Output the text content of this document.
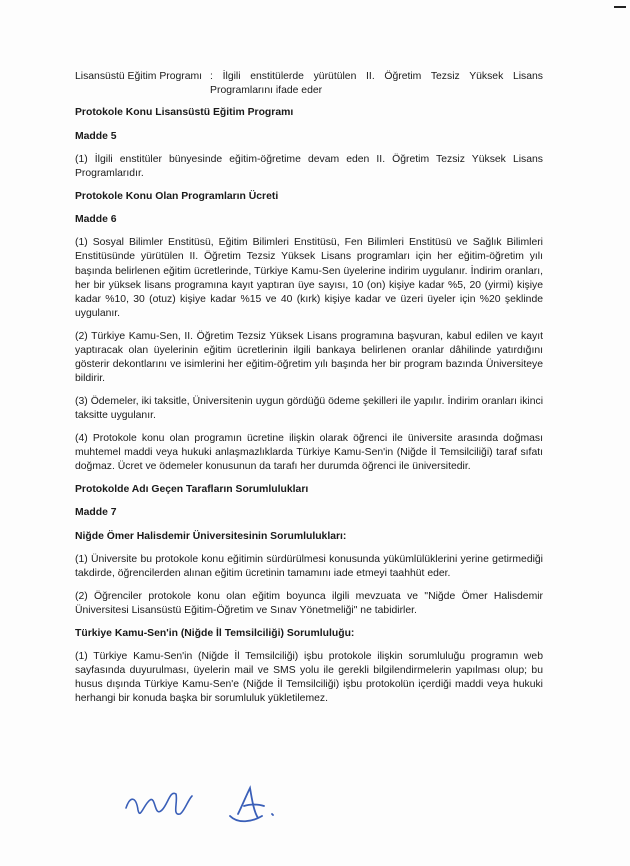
Lisansüstü Eğitim Programı : İlgili enstitülerde yürütülen II. Öğretim Tezsiz Yüksek Lisans Programlarını ifade eder

Protokole Konu Lisansüstü Eğitim Programı

Madde 5

(1) İlgili enstitüler bünyesinde eğitim-öğretime devam eden II. Öğretim Tezsiz Yüksek Lisans Programlarıdır.

Protokole Konu Olan Programların Ücreti

Madde 6

(1) Sosyal Bilimler Enstitüsü, Eğitim Bilimleri Enstitüsü, Fen Bilimleri Enstitüsü ve Sağlık Bilimleri Enstitüsünde yürütülen II. Öğretim Tezsiz Yüksek Lisans programları için her eğitim-öğretim yılı başında belirlenen eğitim ücretlerinde, Türkiye Kamu-Sen üyelerine indirim uygulanır. İndirim oranları, her bir yüksek lisans programına kayıt yaptıran üye sayısı, 10 (on) kişiye kadar %5, 20 (yirmi) kişiye kadar %10, 30 (otuz) kişiye kadar %15 ve 40 (kırk) kişiye kadar ve üzeri üyeler için %20 şeklinde uygulanır.

(2) Türkiye Kamu-Sen, II. Öğretim Tezsiz Yüksek Lisans programına başvuran, kabul edilen ve kayıt yaptıracak olan üyelerinin eğitim ücretlerinin ilgili bankaya belirlenen oranlar dâhilinde yatırdığını gösterir dekontlarını ve isimlerini her eğitim-öğretim yılı başında her bir program bazında Üniversiteye bildirir.

(3) Ödemeler, iki taksitle, Üniversitenin uygun gördüğü ödeme şekilleri ile yapılır. İndirim oranları ikinci taksitte uygulanır.

(4) Protokole konu olan programın ücretine ilişkin olarak öğrenci ile üniversite arasında doğması muhtemel maddi veya hukuki anlaşmazlıklarda Türkiye Kamu-Sen'in (Niğde İl Temsilciliği) taraf sıfatı doğmaz. Ücret ve ödemeler konusunun da tarafı her durumda öğrenci ile üniversitedir.

Protokolde Adı Geçen Tarafların Sorumlulukları

Madde 7

Niğde Ömer Halisdemir Üniversitesinin Sorumlulukları:

(1) Üniversite bu protokole konu eğitimin sürdürülmesi konusunda yükümlülüklerini yerine getirmediği takdirde, öğrencilerden alınan eğitim ücretinin tamamını iade etmeyi taahhüt eder.

(2) Öğrenciler protokole konu olan eğitim boyunca ilgili mevzuata ve "Niğde Ömer Halisdemir Üniversitesi Lisansüstü Eğitim-Öğretim ve Sınav Yönetmeliği" ne tabidirler.

Türkiye Kamu-Sen'in (Niğde İl Temsilciliği) Sorumluluğu:

(1) Türkiye Kamu-Sen'in (Niğde İl Temsilciliği) işbu protokole ilişkin sorumluluğu programın web sayfasında duyurulması, üyelerin mail ve SMS yolu ile gerekli bilgilendirmelerin yapılması olup; bu husus dışında Türkiye Kamu-Sen'e (Niğde İl Temsilciliği) işbu protokolün içerdiği maddi veya hukuki herhangi bir konuda başka bir sorumluluk yükletilemez.
